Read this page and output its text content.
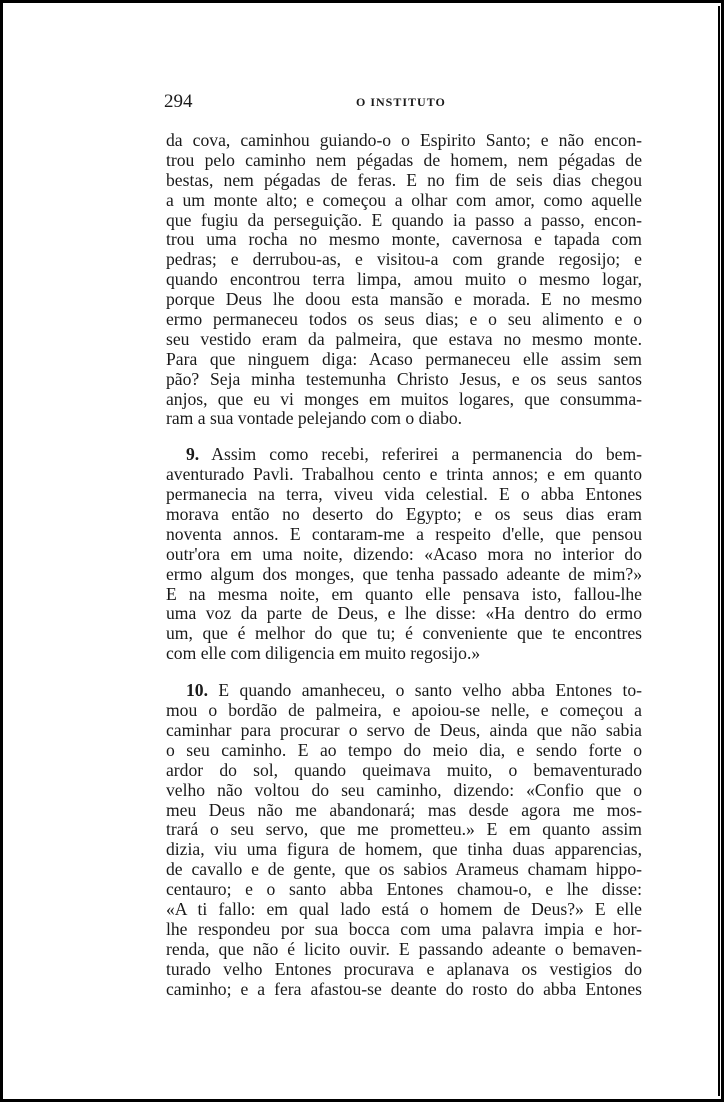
294	O INSTITUTO
da cova, caminhou guiando-o o Espirito Santo; e não encon-
trou pelo caminho nem pégadas de homem, nem pégadas de
bestas, nem pégadas de feras. E no fim de seis dias chegou
a um monte alto; e começou a olhar com amor, como aquelle
que fugiu da perseguição. E quando ia passo a passo, encon-
trou uma rocha no mesmo monte, cavernosa e tapada com
pedras; e derrubou-as, e visitou-a com grande regosijo; e
quando encontrou terra limpa, amou muito o mesmo logar,
porque Deus lhe doou esta mansão e morada. E no mesmo
ermo permaneceu todos os seus dias; e o seu alimento e o
seu vestido eram da palmeira, que estava no mesmo monte.
Para que ninguem diga: Acaso permaneceu elle assim sem
pão? Seja minha testemunha Christo Jesus, e os seus santos
anjos, que eu vi monges em muitos logares, que consumma-
ram a sua vontade pelejando com o diabo.
9. Assim como recebi, referirei a permanencia do bem-
aventurado Pavli. Trabalhou cento e trinta annos; e em quanto
permanecia na terra, viveu vida celestial. E o abba Entones
morava então no deserto do Egypto; e os seus dias eram
noventa annos. E contaram-me a respeito d'elle, que pensou
outr'ora em uma noite, dizendo: «Acaso mora no interior do
ermo algum dos monges, que tenha passado adeante de mim?»
E na mesma noite, em quanto elle pensava isto, fallou-lhe
uma voz da parte de Deus, e lhe disse: «Ha dentro do ermo
um, que é melhor do que tu; é conveniente que te encontres
com elle com diligencia em muito regosijo.»
10. E quando amanheceu, o santo velho abba Entones to-
mou o bordão de palmeira, e apoiou-se nelle, e começou a
caminhar para procurar o servo de Deus, ainda que não sabia
o seu caminho. E ao tempo do meio dia, e sendo forte o
ardor do sol, quando queimava muito, o bemaventurado
velho não voltou do seu caminho, dizendo: «Confio que o
meu Deus não me abandonará; mas desde agora me mos-
trará o seu servo, que me prometteu.» E em quanto assim
dizia, viu uma figura de homem, que tinha duas apparencias,
de cavallo e de gente, que os sabios Arameus chamam hippo-
centauro; e o santo abba Entones chamou-o, e lhe disse:
«A ti fallo: em qual lado está o homem de Deus?» E elle
lhe respondeu por sua bocca com uma palavra impia e hor-
renda, que não é licito ouvir. E passando adeante o bemaven-
turado velho Entones procurava e aplanava os vestigios do
caminho; e a fera afastou-se deante do rosto do abba Entones
